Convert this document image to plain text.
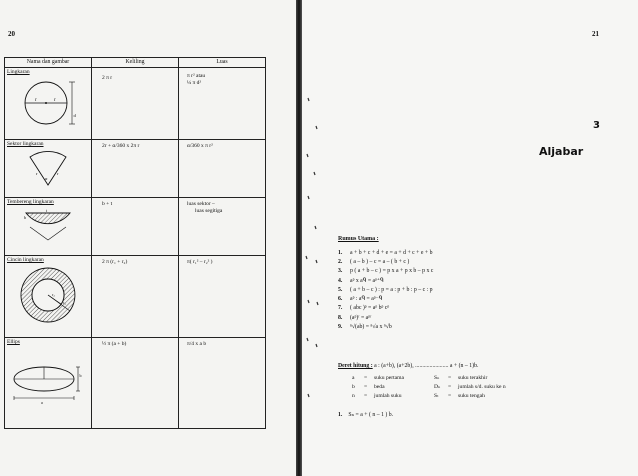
20
Nama dan gambar	Keliling	Luas

Lingkaran
r r
d	2 π r	π r² atau
¼ π d²

Sektor lingkaran
r r
α	2r + α/360 x 2π r	α/360 x π r²

Tembereng lingkaran
t
b	b + t	luas sektor –
luas segitiga

Cincin lingkaran
r₂
r₁	2 π (r₁ + r₂)	π( r₁² – r₂² )

Ellips
b
a	½ π (a + b)	π/4 x a b
21
3
Aljabar
Rumus Utama :
1.	a + b + c + d + e = a + d + c + e + b
2.	( a – b ) – c = a – ( b + c )
3.	p ( a + b – c ) = p x a + p x b – p x c
4.	aᵖ x aᑫ = aᵖ⁺ᑫ
5.	( a + b – c ) : p = a : p + b : p – c : p
6.	aᵖ : aᑫ = aᵖ⁻ᑫ
7.	( abc )ᵖ = aᵖ bᵖ cᵖ
8.	(aᵖ)ʳ = aᵖʳ
9.	ⁿ√(ab) = ⁿ√a x ⁿ√b
Deret hitung : a : (a+b), (a+2b), ....................... a + (n – 1)b.
a	=	suku pertama	Sₙ	=	suku terakhir
b	=	beda	Dₙ	=	jumlah s/d. suku ke n
n	=	jumlah suku	Sₜ	=	suku tengah
1. Sₙ = a + ( n – 1 ) b.
